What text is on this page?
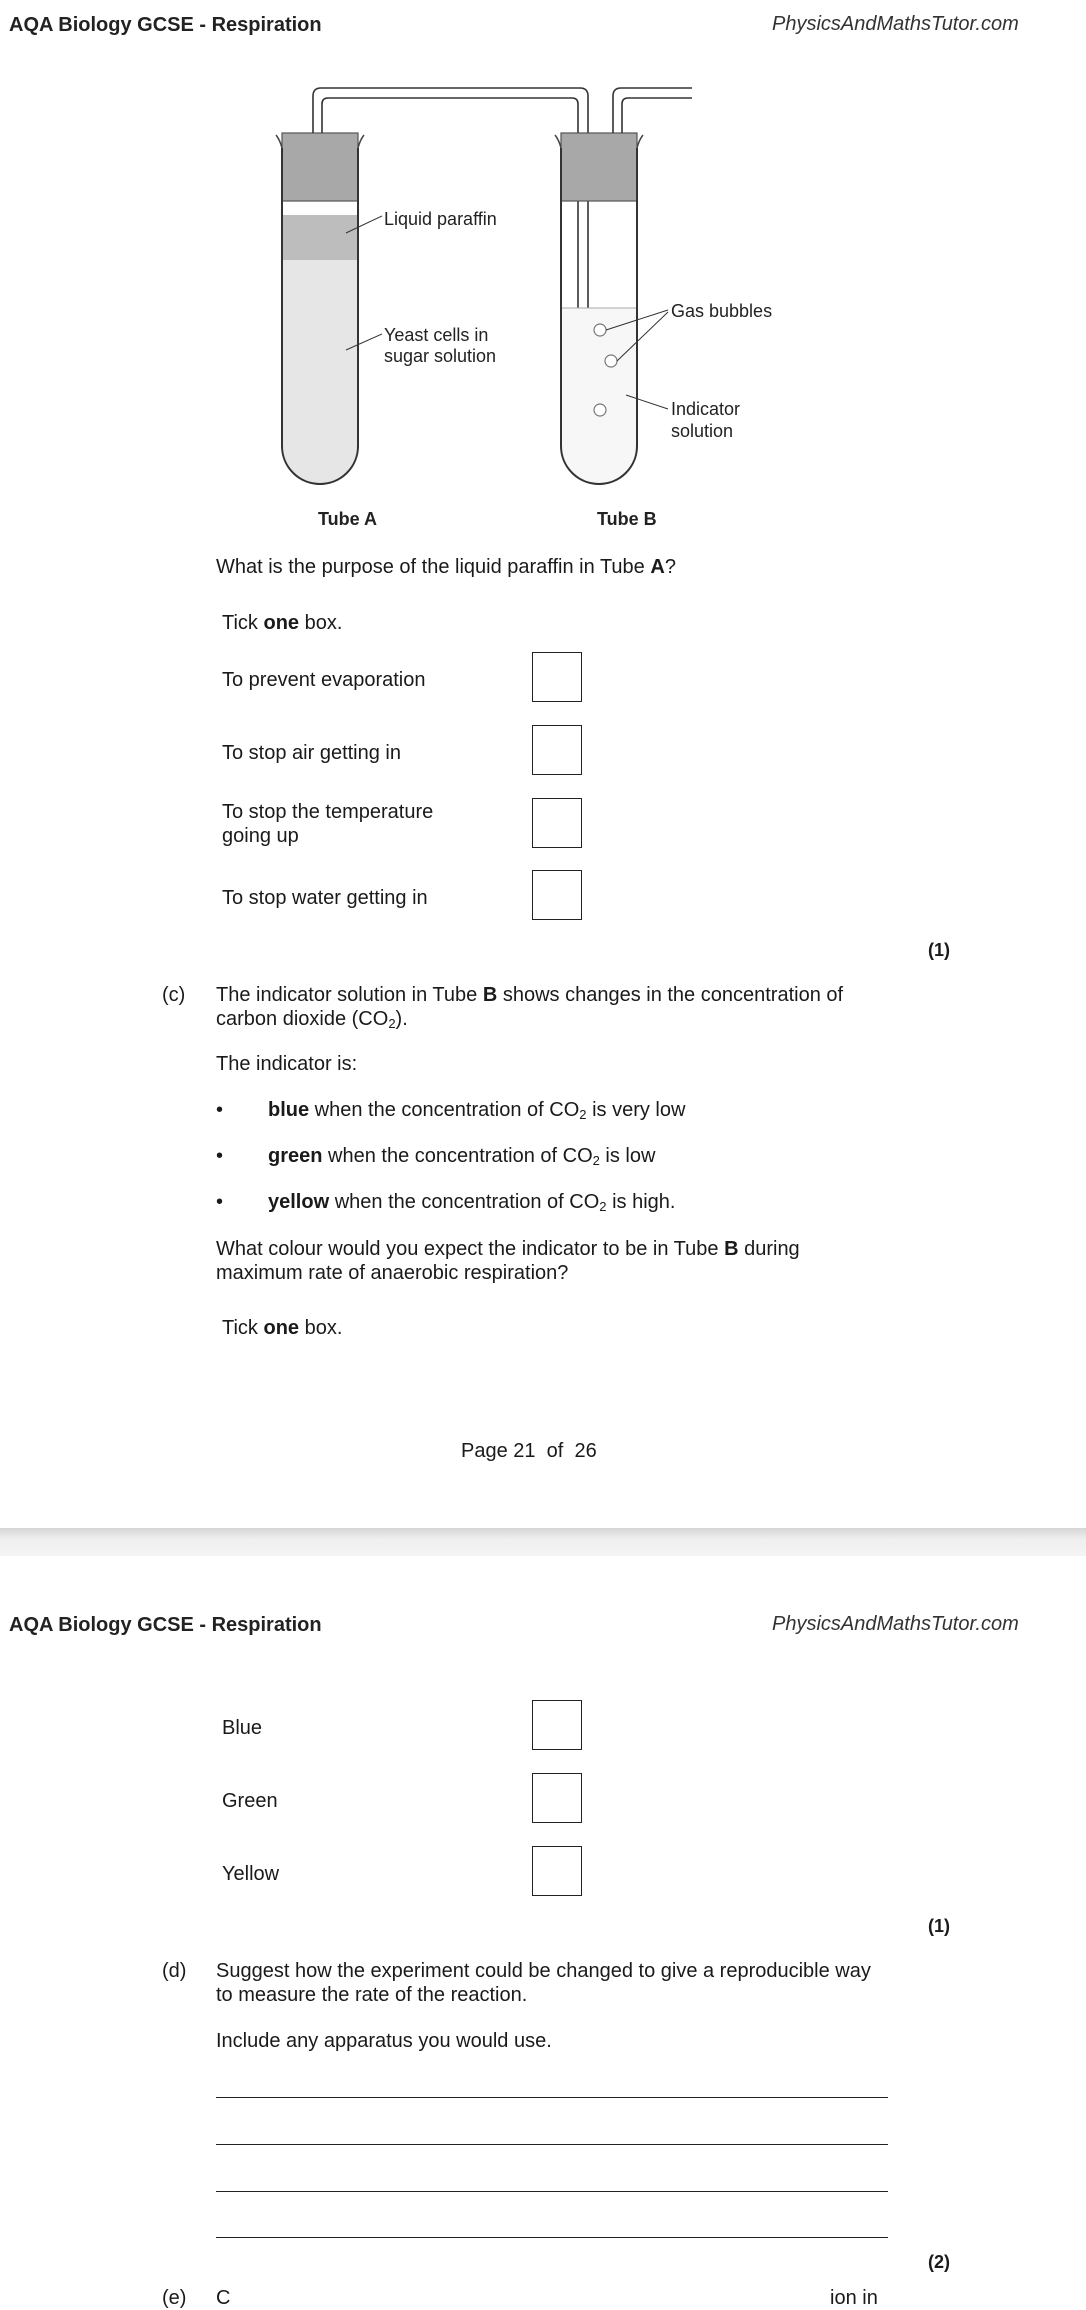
AQA Biology GCSE - Respiration	PhysicsAndMathsTutor.com
Liquid paraffin
Yeast cells in
sugar solution
Gas bubbles
Indicator
solution
Tube A	Tube B
What is the purpose of the liquid paraffin in Tube A?
Tick one box.
To prevent evaporation
To stop air getting in
To stop the temperature
going up
To stop water getting in
(1)
(c) The indicator solution in Tube B shows changes in the concentration of
carbon dioxide $(CO_2)$.
The indicator is:
• blue when the concentration of $CO_2$ is very low
• green when the concentration of $CO_2$ is low
• yellow when the concentration of $CO_2$ is high.
What colour would you expect the indicator to be in Tube B during
maximum rate of anaerobic respiration?
Tick one box.
Page 21 of 26
AQA Biology GCSE - Respiration	PhysicsAndMathsTutor.com
Blue
Green
Yellow
(1)
(d) Suggest how the experiment could be changed to give a reproducible way
to measure the rate of the reaction.
Include any apparatus you would use.
(2)
(e) C	ion in
